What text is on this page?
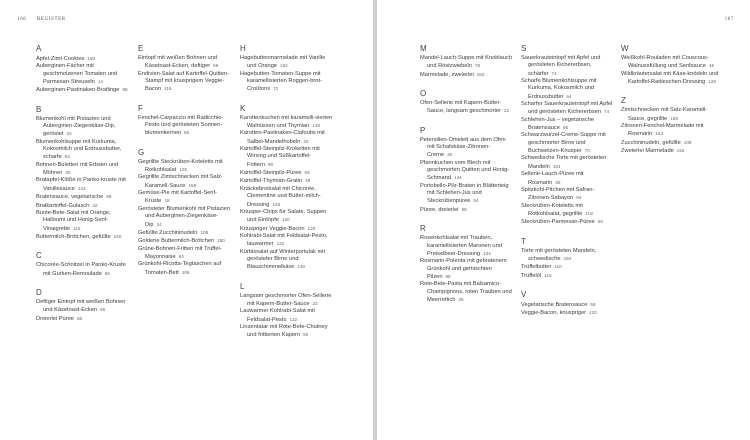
166 REGISTER
A

Apfel-Zimt-Cookies 100

Auberginen-Fächer mit geschmolzenen Tomaten und Parmesan-Streuseln 14

Auberginen-Pastinaken-Bratlinge 88

B

Blumenkohl mit Pistazien und Auberginen-Ziegenkäse-Dip, geröstet 24

Blumenkohlsuppe mit Kurkuma, Kokosmilch und Erdnussbutter, scharfe 64

Bohnen-Buletten mit Erbsen und Möhren 40

Bratapfel-Klöße in Panko-kruste mit Vanillesauce 142

Bratensauce, vegetarische 56

Bratkartoffel-Gulasch 42

Bunte-Bete-Salat mit Orange, Halloumi und Honig-Senf-Vinaigrette 116

Buttermilch-Brötchen, gefüllte 150

C

Chicorée-Schnitzel in Panko-Kruste mit Gurken-Remoulade 56

D

Deftiger Eintopf mit weißen Bohnen und Käsetoast-Ecken 66

Dreierlei Püree 58

E

Eintopf mit weißen Bohnen und Käsetoast-Ecken, deftiger 66

Endivien-Salat auf Kartoffel-Quitten-Stampf mit knusprigem Veggie-Bacon 118

F

Fenchel-Carpaccio mit Radicchio-Pesto und gerösteten Sonnen-blumenkernen 86

G

Gegrillte Steckrüben-Koteletts mit Rotkohlsalat 102

Gegrillte Zimtschnecken mit Salz-Karamell-Sauce 158

Gemüse-Pie mit Kartoffel-Senf-Kruste 18

Gerösteter Blumenkohl mit Pistazien und Auberginen-Ziegenkäse-Dip 24

Gefüllte Zucchininudeln 108

Goldene Buttermilch-Brötchen 150

Grüne-Bohnen-Fritten mit Trüffel-Mayonnaise 84

Grünkohl-Ricotta-Tegtaschen auf Tomaten-Bett 106

H

Hagebuttenmarmelade mit Vanille und Orange 152

Hagebutten-Tomaten-Suppe mit karamellisierten Roggen-brot-Croûtons 72

K

Karottenkuchen mit karamelli-sierten Walnüssen und Thymian 148

Karotten-Pastinaken-Clafoutis mit Salbei-Mandelhobeln 16

Kartoffel-Steinpilz-Kroketten mit Wirsing und Süßkartoffel-Frittern 90

Kartoffel-Steinpilz-Püree 59

Kartoffel-Thymian-Gratin 48

Knäckebrotsalat mit Chicorée, Clementine und Butter-milch-Dressing 126

Knusper-Chips für Salate, Suppen und Eintöpfe 130

Knuspriger Veggie-Bacon 120

Kohlrabi-Salat mit Feldsalat-Pesto, lauwarmer 122

Kürbissalat auf Winterportulak mit gerösteter Birne und Blauschimmelkäse 130

L

Langsam geschmorter Ofen-Sellerie mit Kapern-Butter-Sauce 22

Lauwarmer Kohlrabi-Salat mit Feldsalat-Pesto 122

Linsentatar mit Rote-Bete-Chutney und frittierten Kapern 50

167
M

Mandel-Lauch-Suppe mit Knoblauch und Röstzwiebeln 78

Marmelade, zweierlei 152

O

Ofen-Sellerie mit Kapern-Butter-Sauce, langsam geschmorter 22

P

Petersilien-Omelett aus dem Ofen mit Schafskäse-Zitronen-Creme 30

Pfannkuchen vom Blech mit geschmorten Quitten und Honig-Schmand 144

Portobello-Pilz-Braten in Blätterteig mit Schlehen-Jus und Steckrübenpüree 54

Püree, dreierlei 58

R

Rosenkohlsalat mit Trauben, karamellisierten Maronen und Preiselbeer-Dressing 134

Rosmarin-Polenta mit gebratenem Grünkohl und gemischten Pilzen 98

Rote-Bete-Pasta mit Balsamico-Champignons, roten Trauben und Meerrettich 28

S

Sauerkrauteintopf mit Apfel und gerösteten Kichererbsen, schärfer 74

Scharfe Blumenkohlsuppe mit Kurkuma, Kokosmilch und Erdnussbutter 64

Scharfer Sauerkrauteintopf mit Apfel und gerösteten Kichererbsen 74

Schlehen-Jus – vegetarische Bratensauce 56

Schwarzwurzel-Creme-Suppe mit geschmorter Birne und Buchweizen-Knusper 70

Schwedische Torte mit gerösteten Mandeln 154

Sellerie-Lauch-Püree mit Rosmarin 59

Spitzkohl-Pitchen mit Safran-Zitronen-Sabayon 94

Steckrüben-Koteletts mit Rotkohlsalat, gegrillte 102

Steckrüben-Parmesan-Püree 59

T

Torte mit gerösteten Mandeln, schwedische 154

Trüffelbutter 110

Trüffelöl 110

V

Vegetarische Bratensauce 56

Veggie-Bacon, knuspriger 120

W

Weißkohl-Rouladen mit Couscous-Walnussfüllung und Senfsauce 46

Wildkräutersalat mit Käse-knödeln und Kartoffel-Radieschen-Dressing 126

Z

Zimtschnecken mit Salz-Karamell-Sauce, gegrillte 158

Zitronen-Fenchel-Marmelade mit Rosmarin 153

Zucchininudeln, gefüllte 108

Zweierlei Marmelade 152
